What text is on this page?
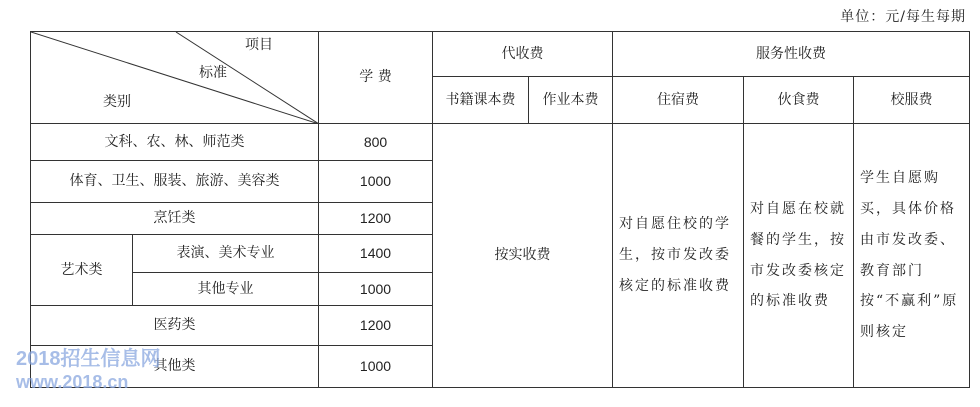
单位：元/每生每期
项目
标准
类别		学 费	代收费		服务性收费		
			书籍课本费	作业本费	住宿费	伙食费	校服费
文科、农、林、师范类		800	按实收费		对自愿住校的学生，按市发改委核定的标准收费	对自愿在校就餐的学生，按市发改委核定的标准收费	学生自愿购买，具体价格由市发改委、教育部门按“不赢利”原则核定
体育、卫生、服装、旅游、美容类		1000					
烹饪类		1200					
艺术类	表演、美术专业	1400					
	其他专业	1000					
医药类		1200					
其他类		1000					
2018招生信息网
www.2018.cn
